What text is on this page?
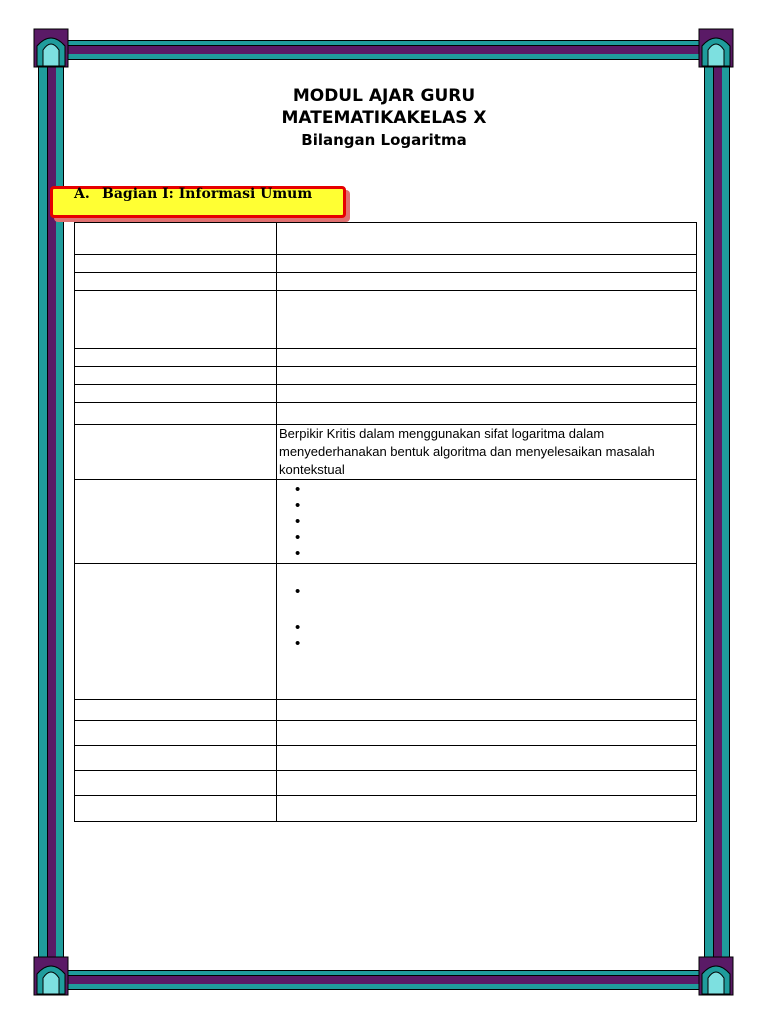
MODUL AJAR GURU
MATEMATIKAKELAS X
Bilangan Logaritma
A. Bagian I: Informasi Umum

	Berpikir Kritis dalam menggunakan sifat logaritma dalam menyederhanakan bentuk algoritma dan menyelesaikan masalah kontekstual

•
•
•
•
•

•
•
•
